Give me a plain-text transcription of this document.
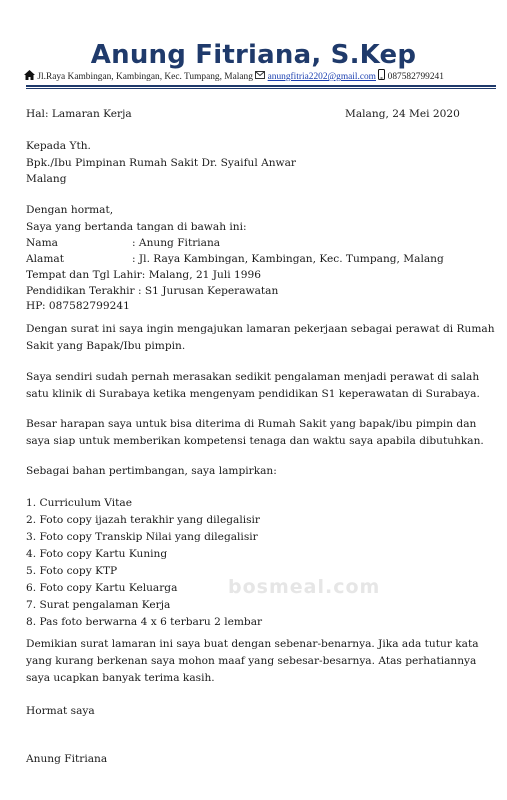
Anung Fitriana, S.Kep
Jl.Raya Kambingan, Kambingan, Kec. Tumpang, Malang anungfitria2202@gmail.com 087582799241
Hal: Lamaran Kerja	Malang, 24 Mei 2020
Kepada Yth.
Bpk./Ibu Pimpinan Rumah Sakit Dr. Syaiful Anwar
Malang
Dengan hormat,
Saya yang bertanda tangan di bawah ini:
Nama	: Anung Fitriana
Alamat	: Jl. Raya Kambingan, Kambingan, Kec. Tumpang, Malang
Tempat dan Tgl Lahir: Malang, 21 Juli 1996
Pendidikan Terakhir : S1 Jurusan Keperawatan
HP: 087582799241
Dengan surat ini saya ingin mengajukan lamaran pekerjaan sebagai perawat di Rumah Sakit yang Bapak/Ibu pimpin.
Saya sendiri sudah pernah merasakan sedikit pengalaman menjadi perawat di salah satu klinik di Surabaya ketika mengenyam pendidikan S1 keperawatan di Surabaya.
Besar harapan saya untuk bisa diterima di Rumah Sakit yang bapak/ibu pimpin dan saya siap untuk memberikan kompetensi tenaga dan waktu saya apabila dibutuhkan.
Sebagai bahan pertimbangan, saya lampirkan:
1. Curriculum Vitae
2. Foto copy ijazah terakhir yang dilegalisir
3. Foto copy Transkip Nilai yang dilegalisir
4. Foto copy Kartu Kuning
5. Foto copy KTP
6. Foto copy Kartu Keluarga
7. Surat pengalaman Kerja
8. Pas foto berwarna 4 x 6 terbaru 2 lembar
bosmeal.com
Demikian surat lamaran ini saya buat dengan sebenar-benarnya. Jika ada tutur kata yang kurang berkenan saya mohon maaf yang sebesar-besarnya. Atas perhatiannya saya ucapkan banyak terima kasih.
Hormat saya
Anung Fitriana
